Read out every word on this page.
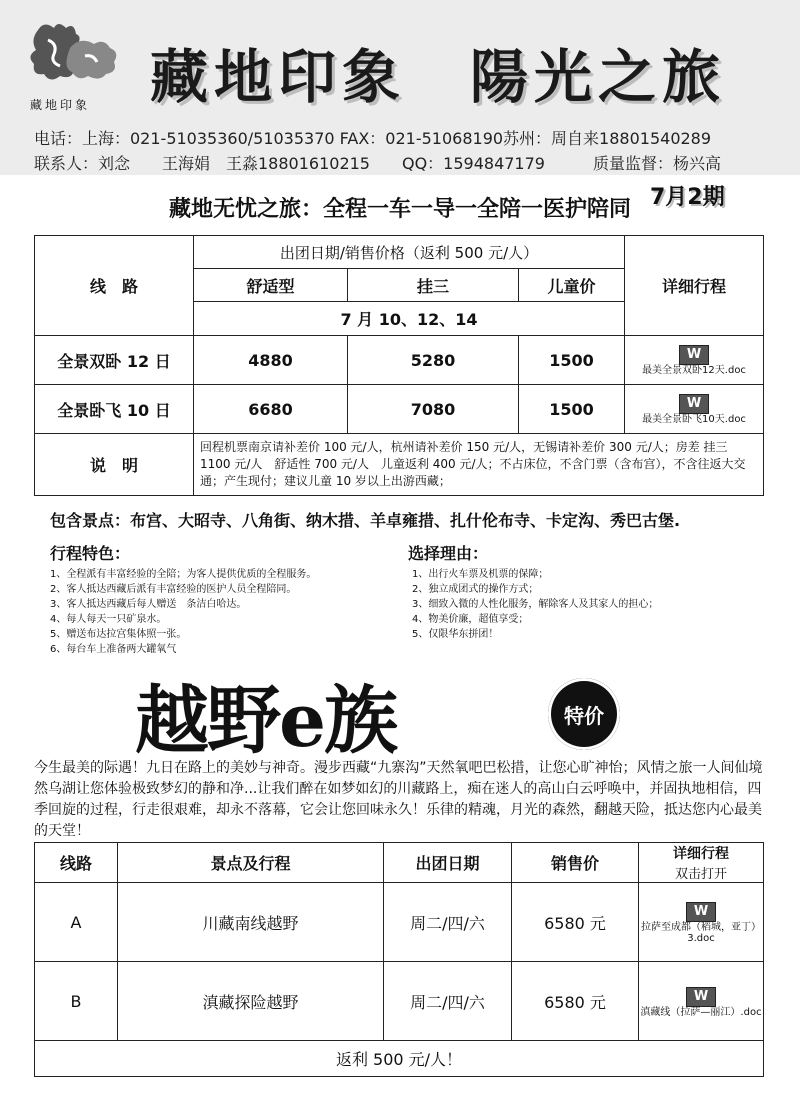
藏地印象	藏地印象　陽光之旅
电话：上海：021-51035360/51035370 FAX：021-51068190苏州：周自来18801540289
联系人：刘念　　王海娟　王淼18801610215　　QQ：1594847179　　　质量监督：杨兴高
藏地无忧之旅：全程一车一导一全陪一医护陪同 7月2期
线　路	出团日期/销售价格（返利 500 元/人）			详细行程
	舒适型	挂三	儿童价	
	7 月 10、12、14			
全景双卧 12 日	4880	5280	1500	W
最美全景双卧12天.doc

全景卧飞 10 日	6680	7080	1500	W
最美全景卧飞10天.doc

说　明	回程机票南京请补差价 100 元/人，杭州请补差价 150 元/人，无锡请补差价 300 元/人；房差 挂三 1100 元/人　舒适性 700 元/人　儿童返利 400 元/人；不占床位，不含门票（含布宫），不含往返大交通；产生现付；建议儿童 10 岁以上出游西藏；			
包含景点：布宫、大昭寺、八角街、纳木措、羊卓雍措、扎什伦布寺、卡定沟、秀巴古堡.
行程特色：
1、全程派有丰富经验的全陪；为客人提供优质的全程服务。
2、客人抵达西藏后派有丰富经验的医护人员全程陪同。
3、客人抵达西藏后每人赠送　条洁白哈达。
4、每人每天一只矿泉水。
5、赠送布达拉宫集体照一张。
6、每台车上准备两大罐氧气
选择理由：
1、出行火车票及机票的保障；
2、独立成团式的操作方式；
3、细致入微的人性化服务，解除客人及其家人的担心；
4、物美价廉，超值享受；
5、仅限华东拼团！
越野e族	特价
今生最美的际遇！九日在路上的美妙与神奇。漫步西藏“九寨沟”天然氧吧巴松措，让您心旷神怡；风情之旅一人间仙境然乌湖让您体验极致梦幻的静和净...让我们醉在如梦如幻的川藏路上，痴在迷人的高山白云呼唤中，并固执地相信，四季回旋的过程，行走很艰难，却永不落幕，它会让您回味永久！乐律的精魂，月光的森然，翻越天险，抵达您内心最美的天堂！
线路	景点及行程	出团日期	销售价	详细行程
双击打开

A	川藏南线越野	周二/四/六	6580 元	W
拉萨至成都（稻城，亚丁）3.doc

B	滇藏探险越野	周二/四/六	6580 元	W
滇藏线（拉萨—丽江）.doc

返利 500 元/人！				
